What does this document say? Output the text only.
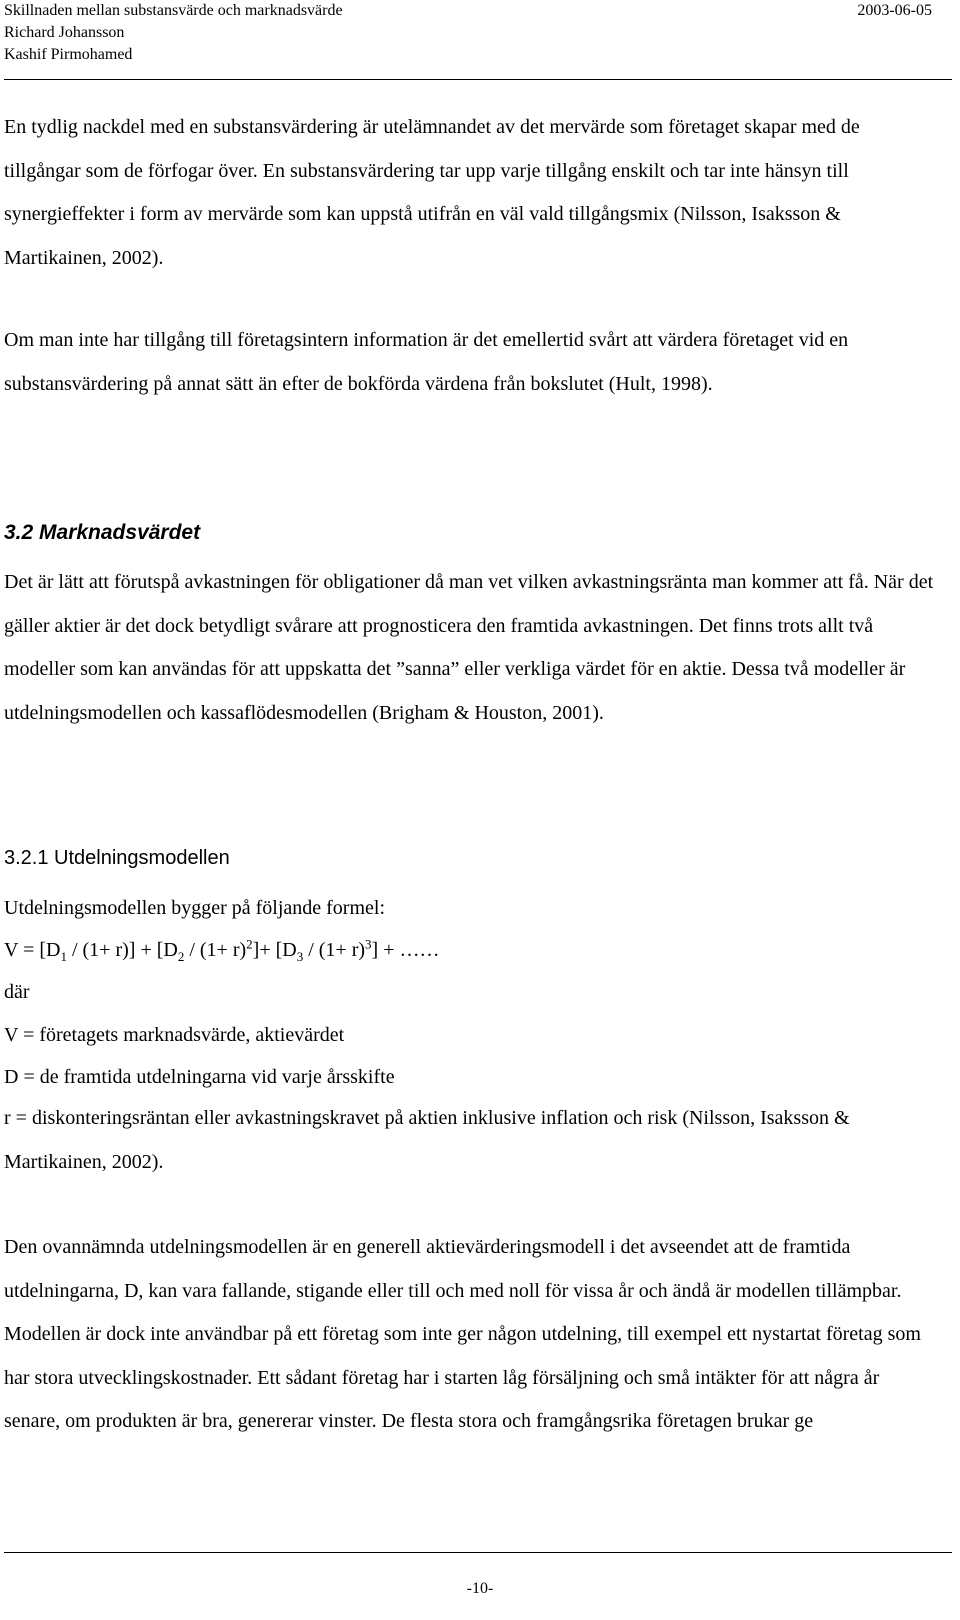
Skillnaden mellan substansvärde och marknadsvärde	2003-06-05
Richard Johansson
Kashif Pirmohamed

En tydlig nackdel med en substansvärdering är utelämnandet av det mervärde som företaget skapar med de tillgångar som de förfogar över. En substansvärdering tar upp varje tillgång enskilt och tar inte hänsyn till synergieffekter i form av mervärde som kan uppstå utifrån en väl vald tillgångsmix (Nilsson, Isaksson & Martikainen, 2002).

Om man inte har tillgång till företagsintern information är det emellertid svårt att värdera företaget vid en substansvärdering på annat sätt än efter de bokförda värdena från bokslutet (Hult, 1998).

3.2 Marknadsvärdet

Det är lätt att förutspå avkastningen för obligationer då man vet vilken avkastningsränta man kommer att få. När det gäller aktier är det dock betydligt svårare att prognosticera den framtida avkastningen. Det finns trots allt två modeller som kan användas för att uppskatta det ”sanna” eller verkliga värdet för en aktie. Dessa två modeller är utdelningsmodellen och kassaflödesmodellen (Brigham & Houston, 2001).

3.2.1 Utdelningsmodellen
Utdelningsmodellen bygger på följande formel:
$V = [D_1 / (1+ r)] + [D_2 / (1+ r)^2]+ [D_3 / (1+ r)^3]$ + ……
där
V = företagets marknadsvärde, aktievärdet
D = de framtida utdelningarna vid varje årsskifte

r = diskonteringsräntan eller avkastningskravet på aktien inklusive inflation och risk (Nilsson, Isaksson & Martikainen, 2002).

Den ovannämnda utdelningsmodellen är en generell aktievärderingsmodell i det avseendet att de framtida utdelningarna, D, kan vara fallande, stigande eller till och med noll för vissa år och ändå är modellen tillämpbar. Modellen är dock inte användbar på ett företag som inte ger någon utdelning, till exempel ett nystartat företag som har stora utvecklingskostnader. Ett sådant företag har i starten låg försäljning och små intäkter för att några år senare, om produkten är bra, genererar vinster. De flesta stora och framgångsrika företagen brukar ge

-10-
